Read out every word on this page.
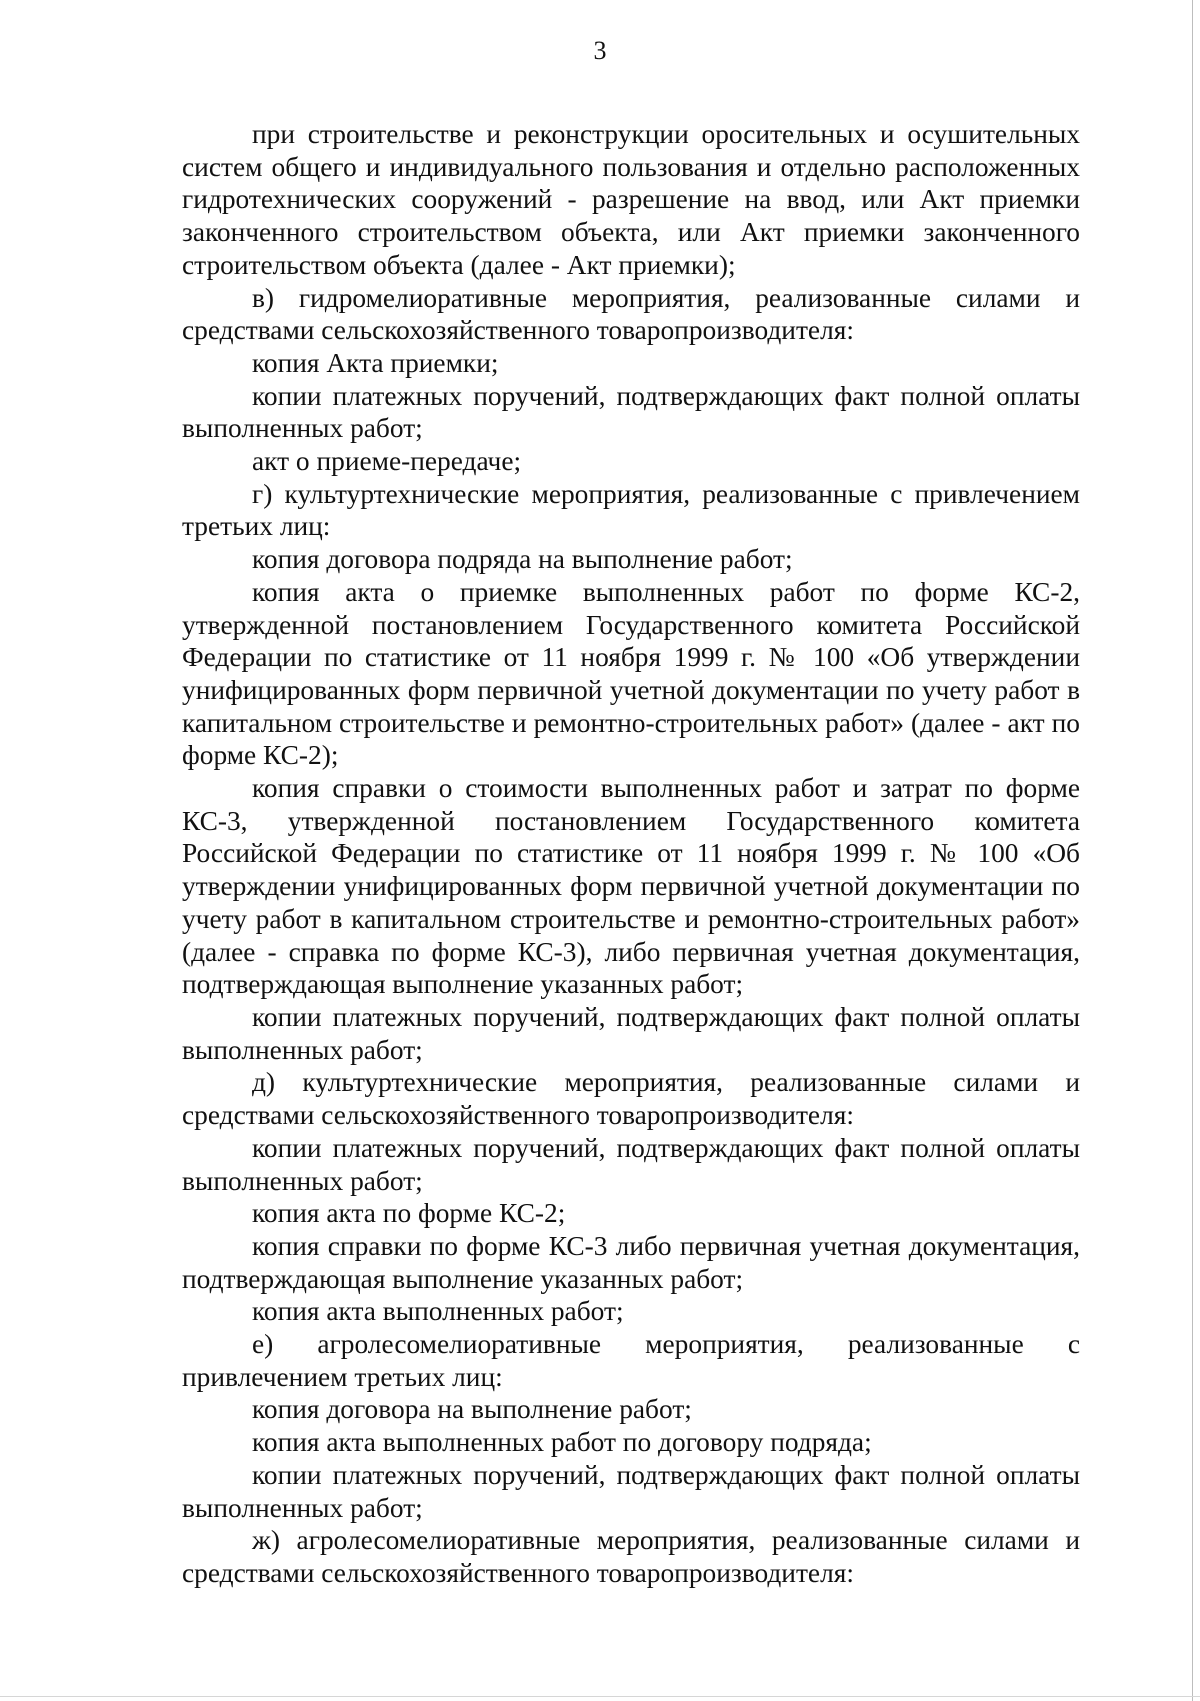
3

при строительстве и реконструкции оросительных и осушительных систем общего и индивидуального пользования и отдельно расположенных гидротехнических сооружений - разрешение на ввод, или Акт приемки законченного строительством объекта, или Акт приемки законченного строительством объекта (далее - Акт приемки);

в) гидромелиоративные мероприятия, реализованные силами и средствами сельскохозяйственного товаропроизводителя:

копия Акта приемки;

копии платежных поручений, подтверждающих факт полной оплаты выполненных работ;

акт о приеме-передаче;

г) культуртехнические мероприятия, реализованные с привлечением третьих лиц:

копия договора подряда на выполнение работ;

копия акта о приемке выполненных работ по форме КС-2, утвержденной постановлением Государственного комитета Российской Федерации по статистике от 11 ноября 1999 г. № 100 «Об утверждении унифицированных форм первичной учетной документации по учету работ в капитальном строительстве и ремонтно-строительных работ» (далее - акт по форме КС-2);

копия справки о стоимости выполненных работ и затрат по форме КС-3, утвержденной постановлением Государственного комитета Российской Федерации по статистике от 11 ноября 1999 г. № 100 «Об утверждении унифицированных форм первичной учетной документации по учету работ в капитальном строительстве и ремонтно-строительных работ» (далее - справка по форме КС-3), либо первичная учетная документация, подтверждающая выполнение указанных работ;

копии платежных поручений, подтверждающих факт полной оплаты выполненных работ;

д) культуртехнические мероприятия, реализованные силами и средствами сельскохозяйственного товаропроизводителя:

копии платежных поручений, подтверждающих факт полной оплаты выполненных работ;

копия акта по форме КС-2;

копия справки по форме КС-3 либо первичная учетная документация, подтверждающая выполнение указанных работ;

копия акта выполненных работ;

е) агролесомелиоративные мероприятия, реализованные с привлечением третьих лиц:

копия договора на выполнение работ;

копия акта выполненных работ по договору подряда;

копии платежных поручений, подтверждающих факт полной оплаты выполненных работ;

ж) агролесомелиоративные мероприятия, реализованные силами и средствами сельскохозяйственного товаропроизводителя:
